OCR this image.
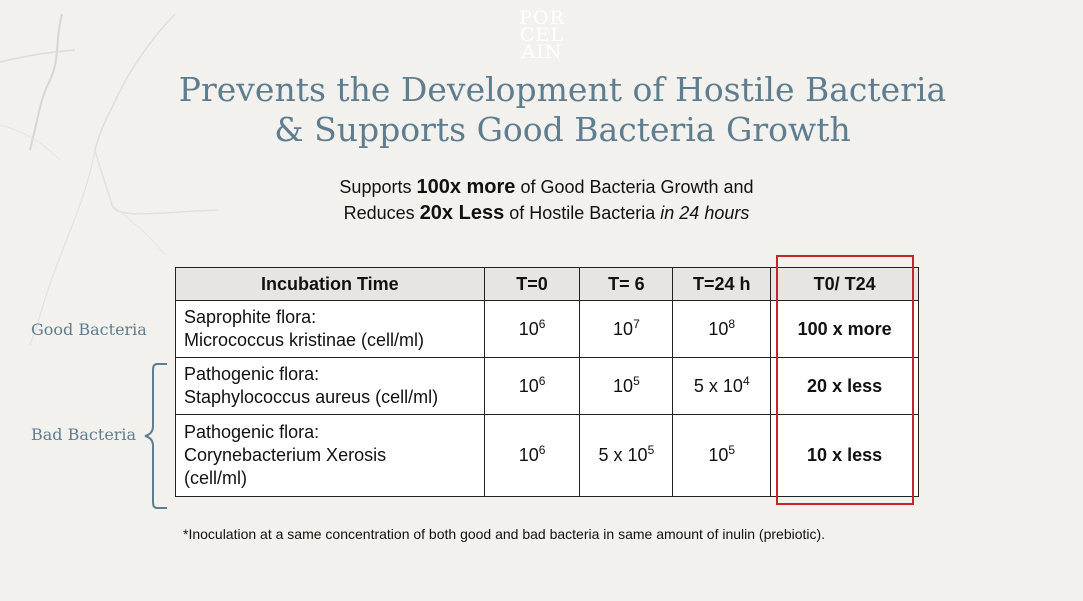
POR
CEL
AIN
Prevents the Development of Hostile Bacteria
& Supports Good Bacteria Growth
Supports 100x more of Good Bacteria Growth and
Reduces 20x Less of Hostile Bacteria in 24 hours
Good Bacteria
Bad Bacteria
Incubation Time	T=0	T= 6	T=24 h	T0/ T24

Saprophite flora:
Micrococcus kristinae (cell/ml)	$10^6$	$10^7$	$10^8$	100 x more

Pathogenic flora:
Staphylococcus aureus (cell/ml)	$10^6$	$10^5$	5 x $10^4$	20 x less

Pathogenic flora:
Corynebacterium Xerosis
(cell/ml)	$10^6$	5 x $10^5$	$10^5$	10 x less
*Inoculation at a same concentration of both good and bad bacteria in same amount of inulin (prebiotic).
